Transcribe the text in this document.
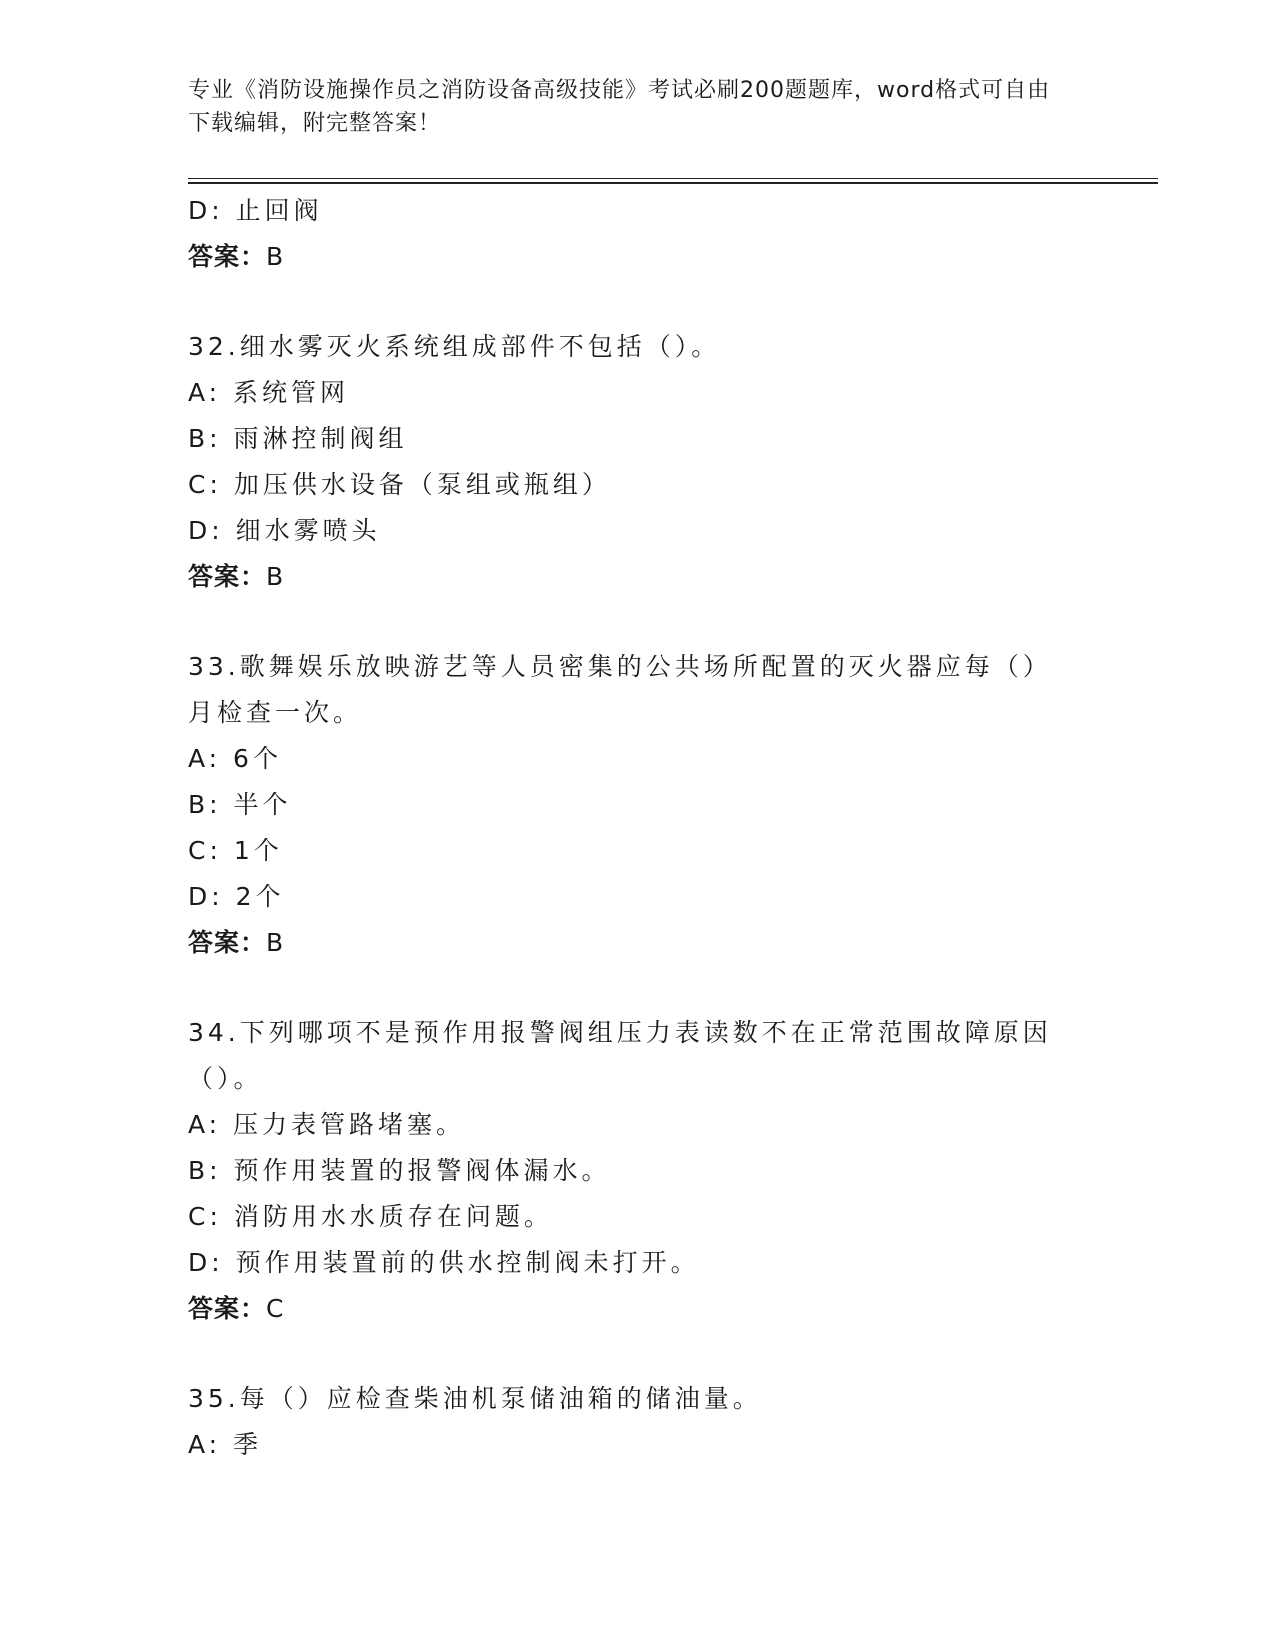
专业《消防设施操作员之消防设备高级技能》考试必刷200题题库，word格式可自由下载编辑，附完整答案！
D: 止回阀
答案：B
32.细水雾灭火系统组成部件不包括（）。
A: 系统管网
B: 雨淋控制阀组
C: 加压供水设备（泵组或瓶组）
D: 细水雾喷头
答案：B
33.歌舞娱乐放映游艺等人员密集的公共场所配置的灭火器应每（）月检查一次。
A: 6个
B: 半个
C: 1个
D: 2个
答案：B
34.下列哪项不是预作用报警阀组压力表读数不在正常范围故障原因（）。
A: 压力表管路堵塞。
B: 预作用装置的报警阀体漏水。
C: 消防用水水质存在问题。
D: 预作用装置前的供水控制阀未打开。
答案：C
35.每（）应检查柴油机泵储油箱的储油量。
A: 季
